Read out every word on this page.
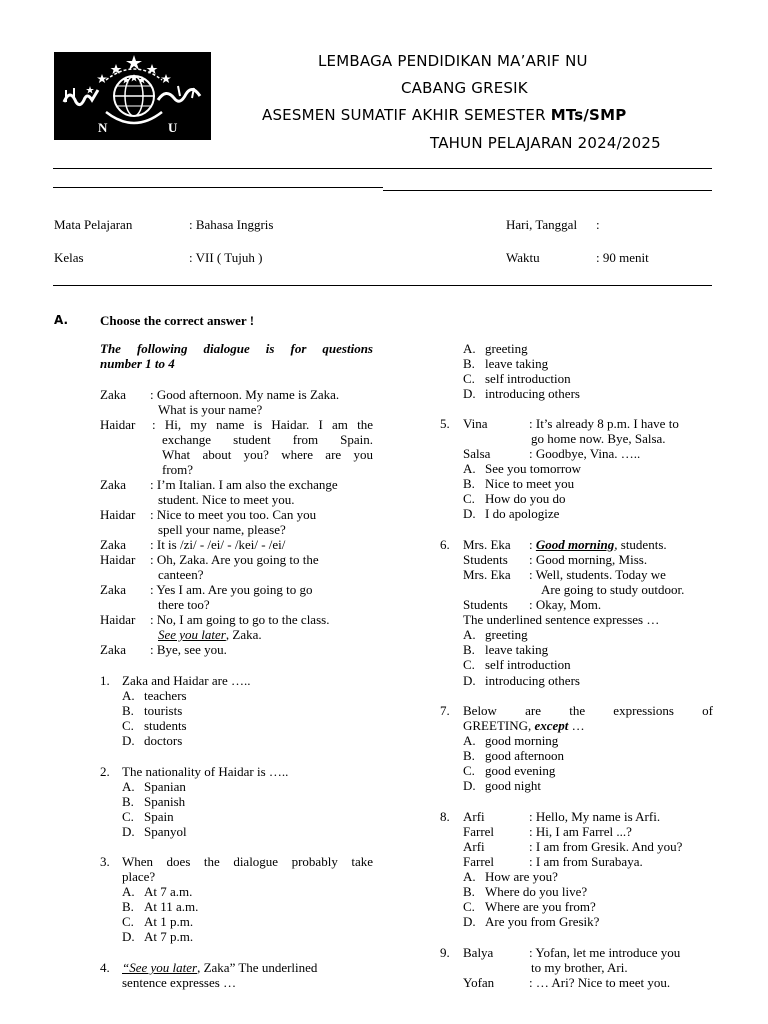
N	U
LEMBAGA PENDIDIKAN MA’ARIF NU
CABANG GRESIK
ASESMEN SUMATIF AKHIR SEMESTER MTs/SMP
TAHUN PELAJARAN 2024/2025
Mata Pelajaran	: Bahasa Inggris	Hari, Tanggal :
Kelas	: VII ( Tujuh )	Waktu	: 90 menit
A. Choose the correct answer !
The following dialogue is for questions
number 1 to 4
Zaka : Good afternoon. My name is Zaka.
What is your name?
Haidar : Hi, my name is Haidar. I am the
exchange student from Spain.
What about you? where are you
from?
Zaka : I’m Italian. I am also the exchange
student. Nice to meet you.
Haidar : Nice to meet you too. Can you
spell your name, please?
Zaka : It is /zi/ - /ei/ - /kei/ - /ei/
Haidar : Oh, Zaka. Are you going to the
canteen?
Zaka : Yes I am. Are you going to go
there too?
Haidar : No, I am going to go to the class.
See you later, Zaka.
Zaka : Bye, see you.
1. Zaka and Haidar are …..
A. teachers
B. tourists
C. students
D. doctors
2. The nationality of Haidar is …..
A. Spanian
B. Spanish
C. Spain
D. Spanyol
3. When does the dialogue probably take
place?
A. At 7 a.m.
B. At 11 a.m.
C. At 1 p.m.
D. At 7 p.m.
4. “See you later, Zaka” The underlined
sentence expresses …
A. greeting
B. leave taking
C. self introduction
D. introducing others
5. Vina	: It’s already 8 p.m. I have to
go home now. Bye, Salsa.
Salsa	: Goodbye, Vina. …..
A. See you tomorrow
B. Nice to meet you
C. How do you do
D. I do apologize
6. Mrs. Eka : Good morning, students.
Students : Good morning, Miss.
Mrs. Eka : Well, students. Today we
Are going to study outdoor.
Students : Okay, Mom.
The underlined sentence expresses …
A. greeting
B. leave taking
C. self introduction
D. introducing others
7. Below are the expressions of
GREETING, except …
A. good morning
B. good afternoon
C. good evening
D. good night
8. Arfi	: Hello, My name is Arfi.
Farrel	: Hi, I am Farrel ...?
Arfi	: I am from Gresik. And you?
Farrel	: I am from Surabaya.
A. How are you?
B. Where do you live?
C. Where are you from?
D. Are you from Gresik?
9. Balya	: Yofan, let me introduce you
to my brother, Ari.
Yofan	: … Ari? Nice to meet you.
